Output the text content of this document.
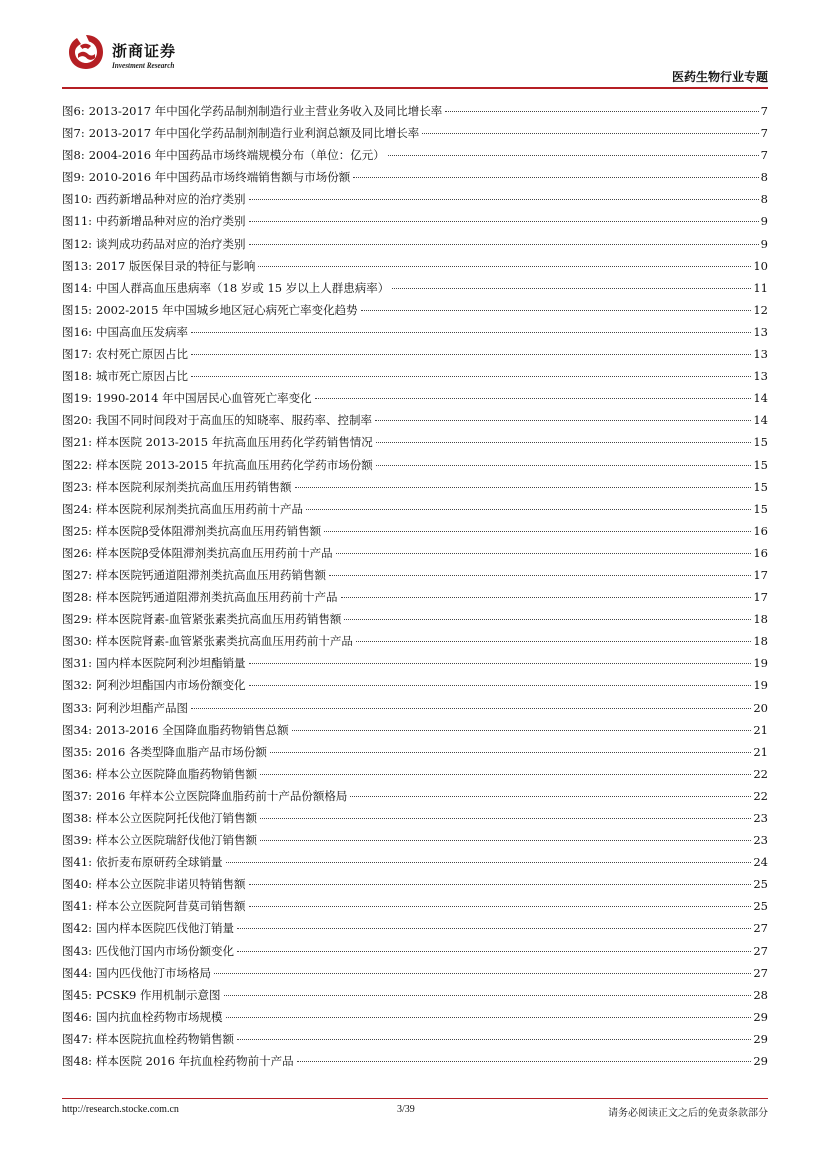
浙商证券
Investment Research
医药生物行业专题
图 6: 2013-2017 年中国化学药品制剂制造行业主营业务收入及同比增长率	7
图 7: 2013-2017 年中国化学药品制剂制造行业利润总额及同比增长率	7
图 8: 2004-2016 年中国药品市场终端规模分布（单位：亿元）	7
图 9: 2010-2016 年中国药品市场终端销售额与市场份额	8
图 10: 西药新增品种对应的治疗类别	8
图 11: 中药新增品种对应的治疗类别	9
图 12: 谈判成功药品对应的治疗类别	9
图 13: 2017 版医保目录的特征与影响	10
图 14: 中国人群高血压患病率（18 岁或 15 岁以上人群患病率）	11
图 15: 2002-2015 年中国城乡地区冠心病死亡率变化趋势	12
图 16: 中国高血压发病率	13
图 17: 农村死亡原因占比	13
图 18: 城市死亡原因占比	13
图 19: 1990-2014 年中国居民心血管死亡率变化	14
图 20: 我国不同时间段对于高血压的知晓率、服药率、控制率	14
图 21: 样本医院 2013-2015 年抗高血压用药化学药销售情况	15
图 22: 样本医院 2013-2015 年抗高血压用药化学药市场份额	15
图 23: 样本医院利尿剂类抗高血压用药销售额	15
图 24: 样本医院利尿剂类抗高血压用药前十产品	15
图 25: 样本医院β受体阻滞剂类抗高血压用药销售额	16
图 26: 样本医院β受体阻滞剂类抗高血压用药前十产品	16
图 27: 样本医院钙通道阻滞剂类抗高血压用药销售额	17
图 28: 样本医院钙通道阻滞剂类抗高血压用药前十产品	17
图 29: 样本医院肾素-血管紧张素类抗高血压用药销售额	18
图 30: 样本医院肾素-血管紧张素类抗高血压用药前十产品	18
图 31: 国内样本医院阿利沙坦酯销量	19
图 32: 阿利沙坦酯国内市场份额变化	19
图 33: 阿利沙坦酯产品图	20
图 34: 2013-2016 全国降血脂药物销售总额	21
图 35: 2016 各类型降血脂产品市场份额	21
图 36: 样本公立医院降血脂药物销售额	22
图 37: 2016 年样本公立医院降血脂药前十产品份额格局	22
图 38: 样本公立医院阿托伐他汀销售额	23
图 39: 样本公立医院瑞舒伐他汀销售额	23
图 41: 依折麦布原研药全球销量	24
图 40: 样本公立医院非诺贝特销售额	25
图 41: 样本公立医院阿昔莫司销售额	25
图 42: 国内样本医院匹伐他汀销量	27
图 43: 匹伐他汀国内市场份额变化	27
图 44: 国内匹伐他汀市场格局	27
图 45: PCSK9 作用机制示意图	28
图 46: 国内抗血栓药物市场规模	29
图 47: 样本医院抗血栓药物销售额	29
图 48: 样本医院 2016 年抗血栓药物前十产品	29
http://research.stocke.com.cn	3/39	请务必阅读正文之后的免责条款部分
